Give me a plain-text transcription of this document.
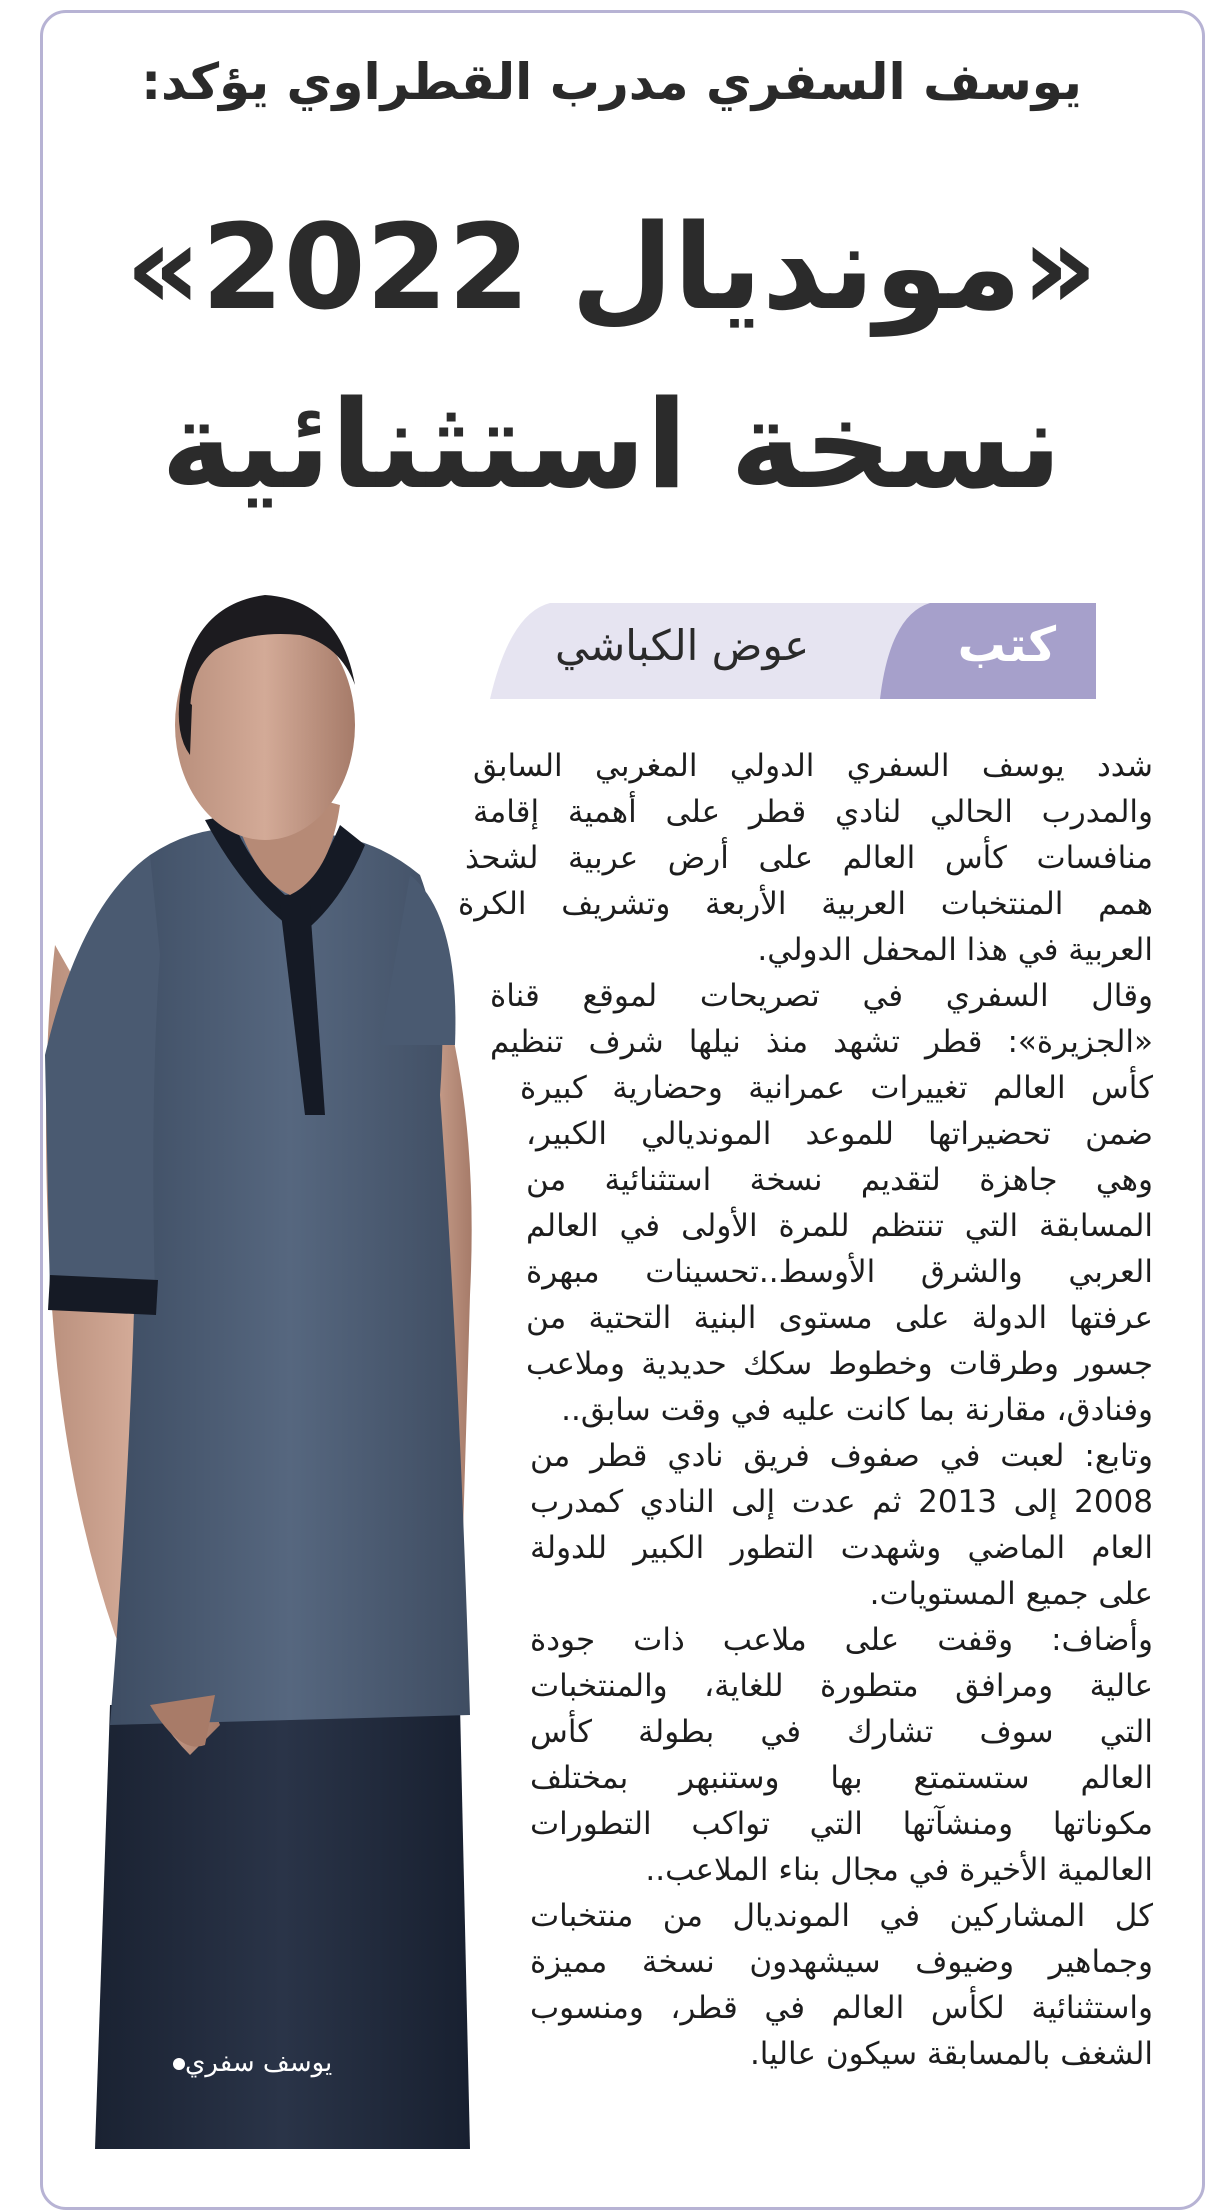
يوسف السفري مدرب القطراوي يؤكد:
«مونديال 2022»
نسخة استثنائية
كتب
عوض الكباشي
يوسف سفري
شدد يوسف السفري الدولي المغربي السابق
والمدرب الحالي لنادي قطر على أهمية إقامة
منافسات كأس العالم على أرض عربية لشحذ
همم المنتخبات العربية الأربعة وتشريف الكرة
العربية في هذا المحفل الدولي.
وقال السفري في تصريحات لموقع قناة
«الجزيرة»: قطر تشهد منذ نيلها شرف تنظيم
كأس العالم تغييرات عمرانية وحضارية كبيرة
ضمن تحضيراتها للموعد المونديالي الكبير،
وهي جاهزة لتقديم نسخة استثنائية من
المسابقة التي تنتظم للمرة الأولى في العالم
العربي والشرق الأوسط..تحسينات مبهرة
عرفتها الدولة على مستوى البنية التحتية من
جسور وطرقات وخطوط سكك حديدية وملاعب
وفنادق، مقارنة بما كانت عليه في وقت سابق..
وتابع: لعبت في صفوف فريق نادي قطر من
2008 إلى 2013 ثم عدت إلى النادي كمدرب
العام الماضي وشهدت التطور الكبير للدولة
على جميع المستويات.
وأضاف: وقفت على ملاعب ذات جودة
عالية ومرافق متطورة للغاية، والمنتخبات
التي سوف تشارك في بطولة كأس
العالم ستستمتع بها وستنبهر بمختلف
مكوناتها ومنشآتها التي تواكب التطورات
العالمية الأخيرة في مجال بناء الملاعب..
كل المشاركين في المونديال من منتخبات
وجماهير وضيوف سيشهدون نسخة مميزة
واستثنائية لكأس العالم في قطر، ومنسوب
الشغف بالمسابقة سيكون عاليا.
